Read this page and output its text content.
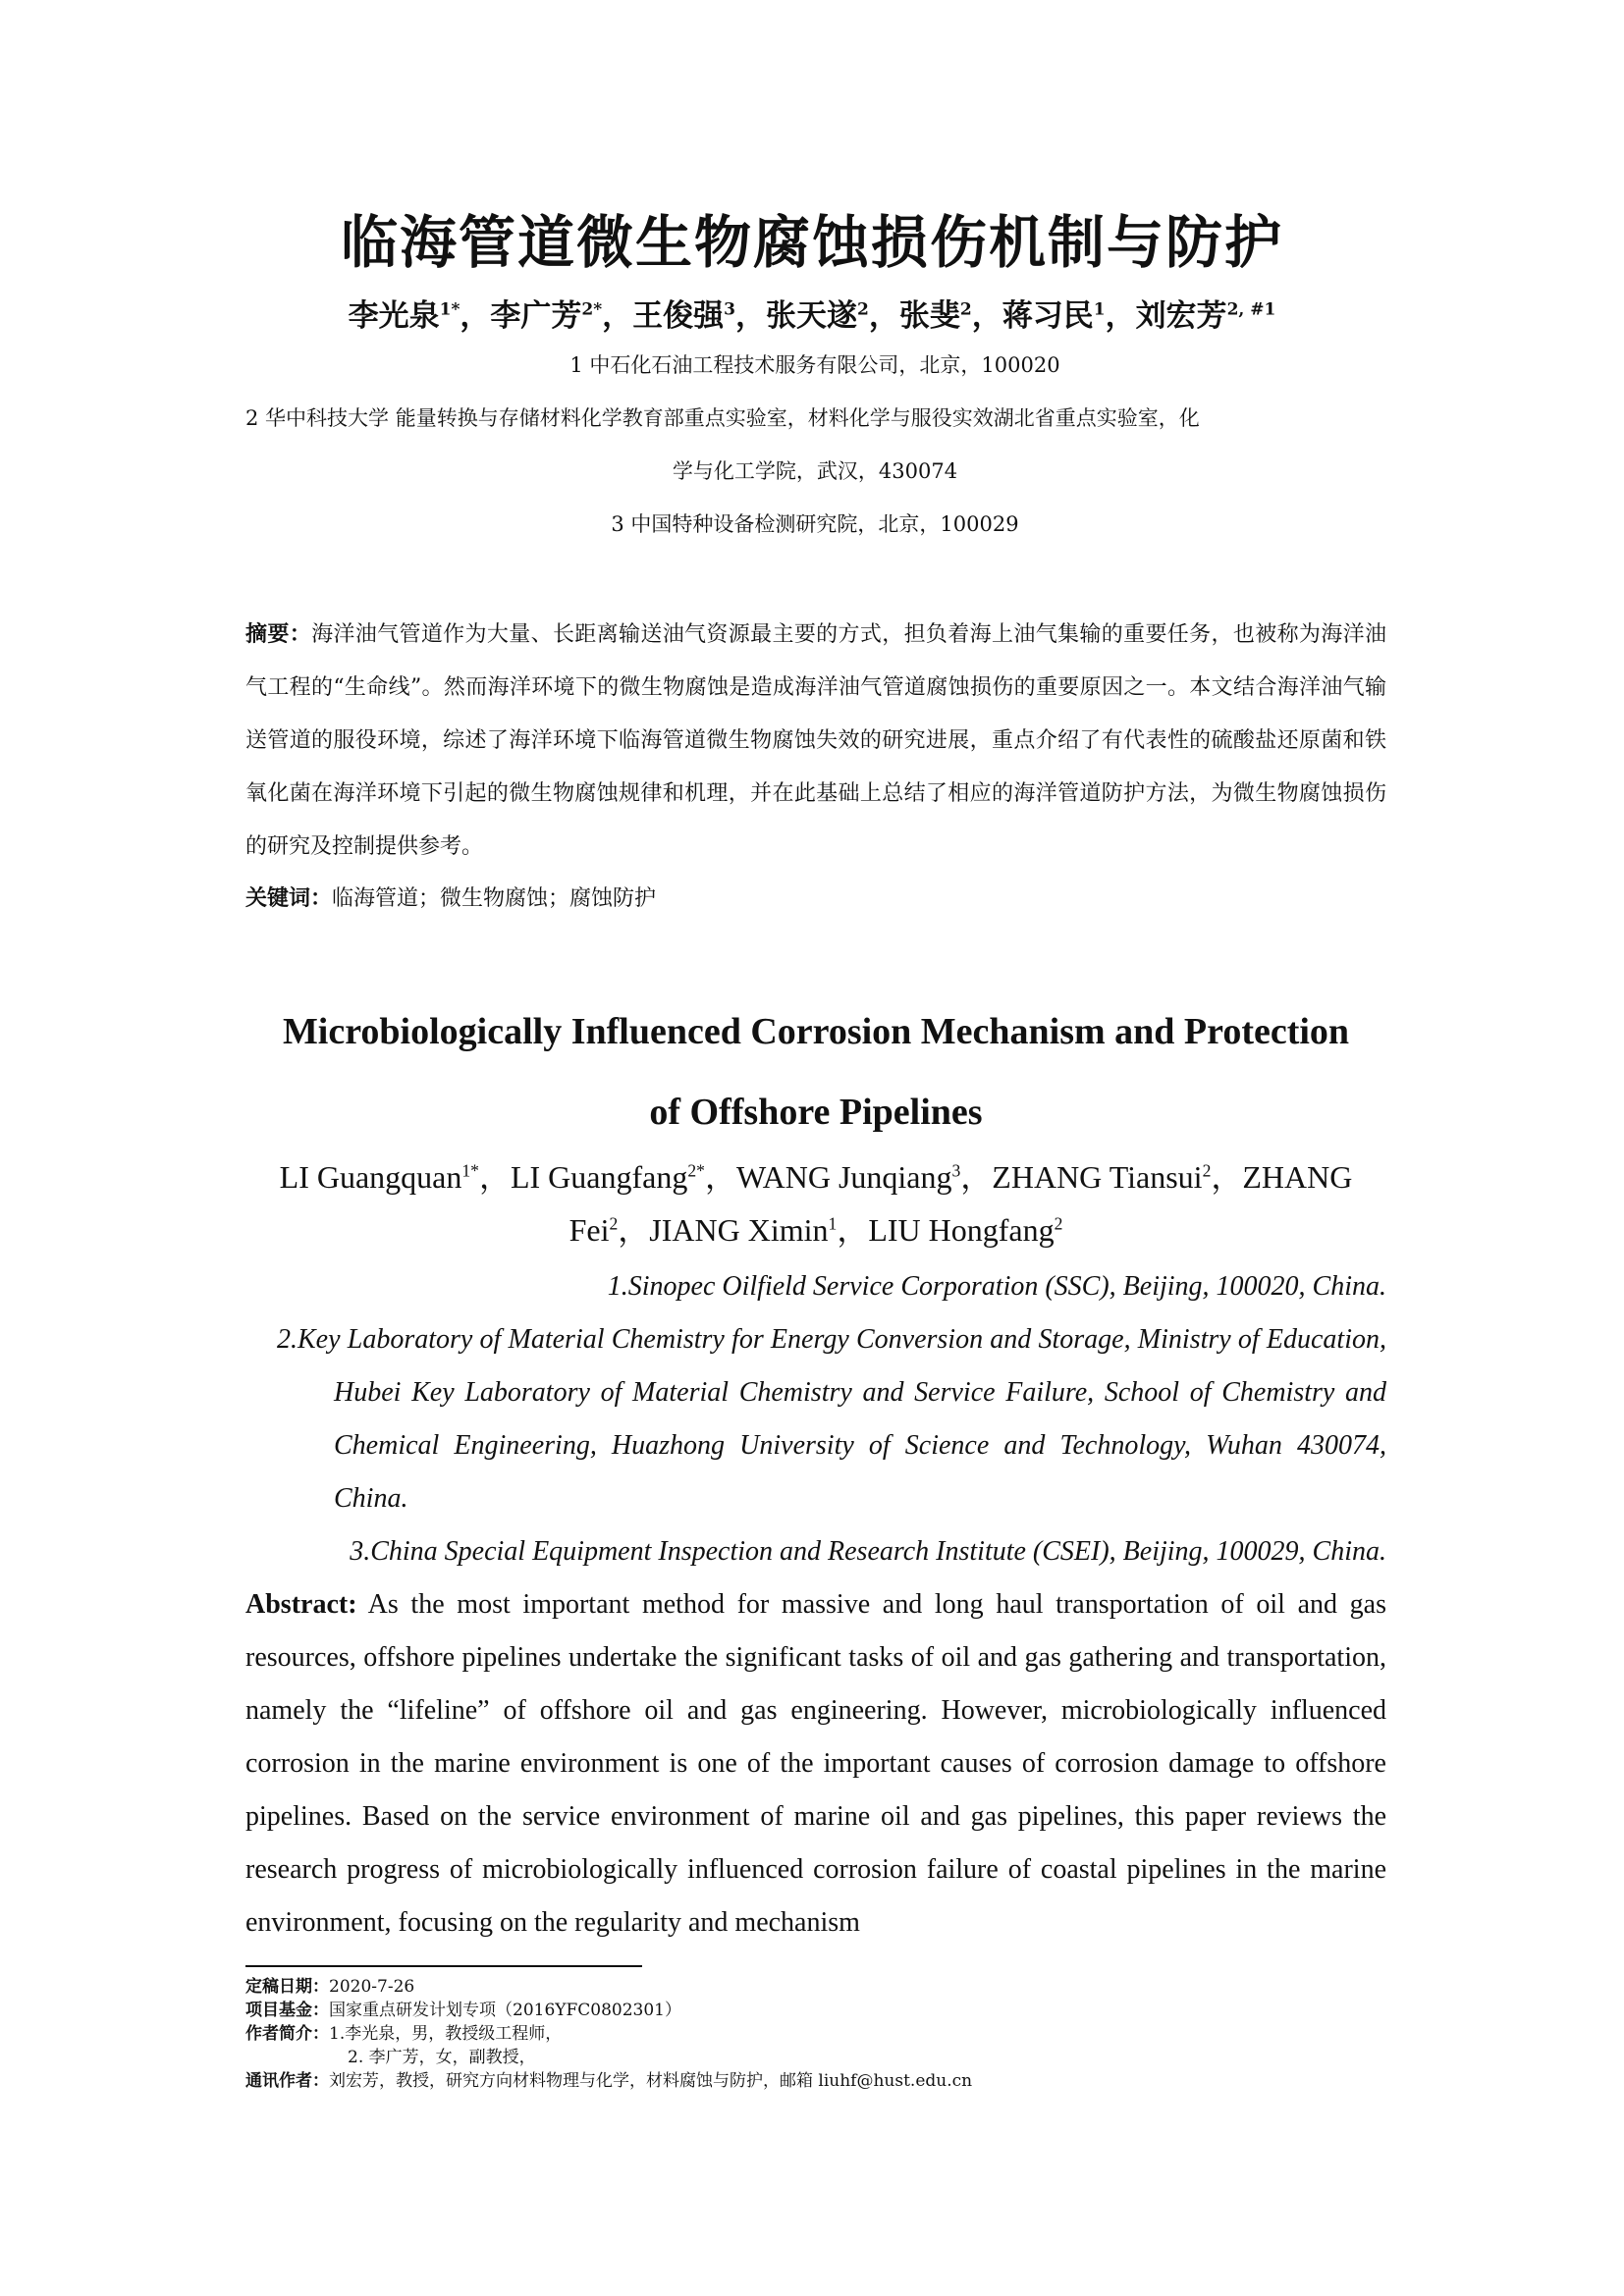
临海管道微生物腐蚀损伤机制与防护
李光泉$^{1*}$，李广芳$^{2*}$，王俊强$^3$，张天遂$^2$，张斐$^2$，蒋习民$^1$，刘宏芳$^{2, \#1}$
1 中石化石油工程技术服务有限公司，北京，100020
2 华中科技大学 能量转换与存储材料化学教育部重点实验室，材料化学与服役实效湖北省重点实验室，化
学与化工学院，武汉，430074
3 中国特种设备检测研究院，北京，100029
摘要：海洋油气管道作为大量、长距离输送油气资源最主要的方式，担负着海上油气集输的重要任务，也被称为海洋油气工程的“生命线”。然而海洋环境下的微生物腐蚀是造成海洋油气管道腐蚀损伤的重要原因之一。本文结合海洋油气输送管道的服役环境，综述了海洋环境下临海管道微生物腐蚀失效的研究进展，重点介绍了有代表性的硫酸盐还原菌和铁氧化菌在海洋环境下引起的微生物腐蚀规律和机理，并在此基础上总结了相应的海洋管道防护方法，为微生物腐蚀损伤的研究及控制提供参考。
关键词：临海管道；微生物腐蚀；腐蚀防护
Microbiologically Influenced Corrosion Mechanism and Protection
of Offshore Pipelines
LI Guangquan$^{1*}$，LI Guangfang$^{2*}$，WANG Junqiang$^3$，ZHANG Tiansui$^2$，ZHANG Fei$^2$，JIANG Ximin$^1$，LIU Hongfang$^2$
1.Sinopec Oilfield Service Corporation (SSC), Beijing, 100020, China.
2.Key Laboratory of Material Chemistry for Energy Conversion and Storage, Ministry of Education, Hubei Key Laboratory of Material Chemistry and Service Failure, School of Chemistry and Chemical Engineering, Huazhong University of Science and Technology, Wuhan 430074, China.
3.China Special Equipment Inspection and Research Institute (CSEI), Beijing, 100029, China.
Abstract: As the most important method for massive and long haul transportation of oil and gas resources, offshore pipelines undertake the significant tasks of oil and gas gathering and transportation, namely the “lifeline” of offshore oil and gas engineering. However, microbiologically influenced corrosion in the marine environment is one of the important causes of corrosion damage to offshore pipelines. Based on the service environment of marine oil and gas pipelines, this paper reviews the research progress of microbiologically influenced corrosion failure of coastal pipelines in the marine environment, focusing on the regularity and mechanism
定稿日期： 2020-7-26
项目基金： 国家重点研发计划专项（2016YFC0802301）
作者简介： 1.李光泉，男，教授级工程师，
2. 李广芳，女，副教授，
通讯作者： 刘宏芳，教授，研究方向材料物理与化学，材料腐蚀与防护，邮箱 liuhf@hust.edu.cn
